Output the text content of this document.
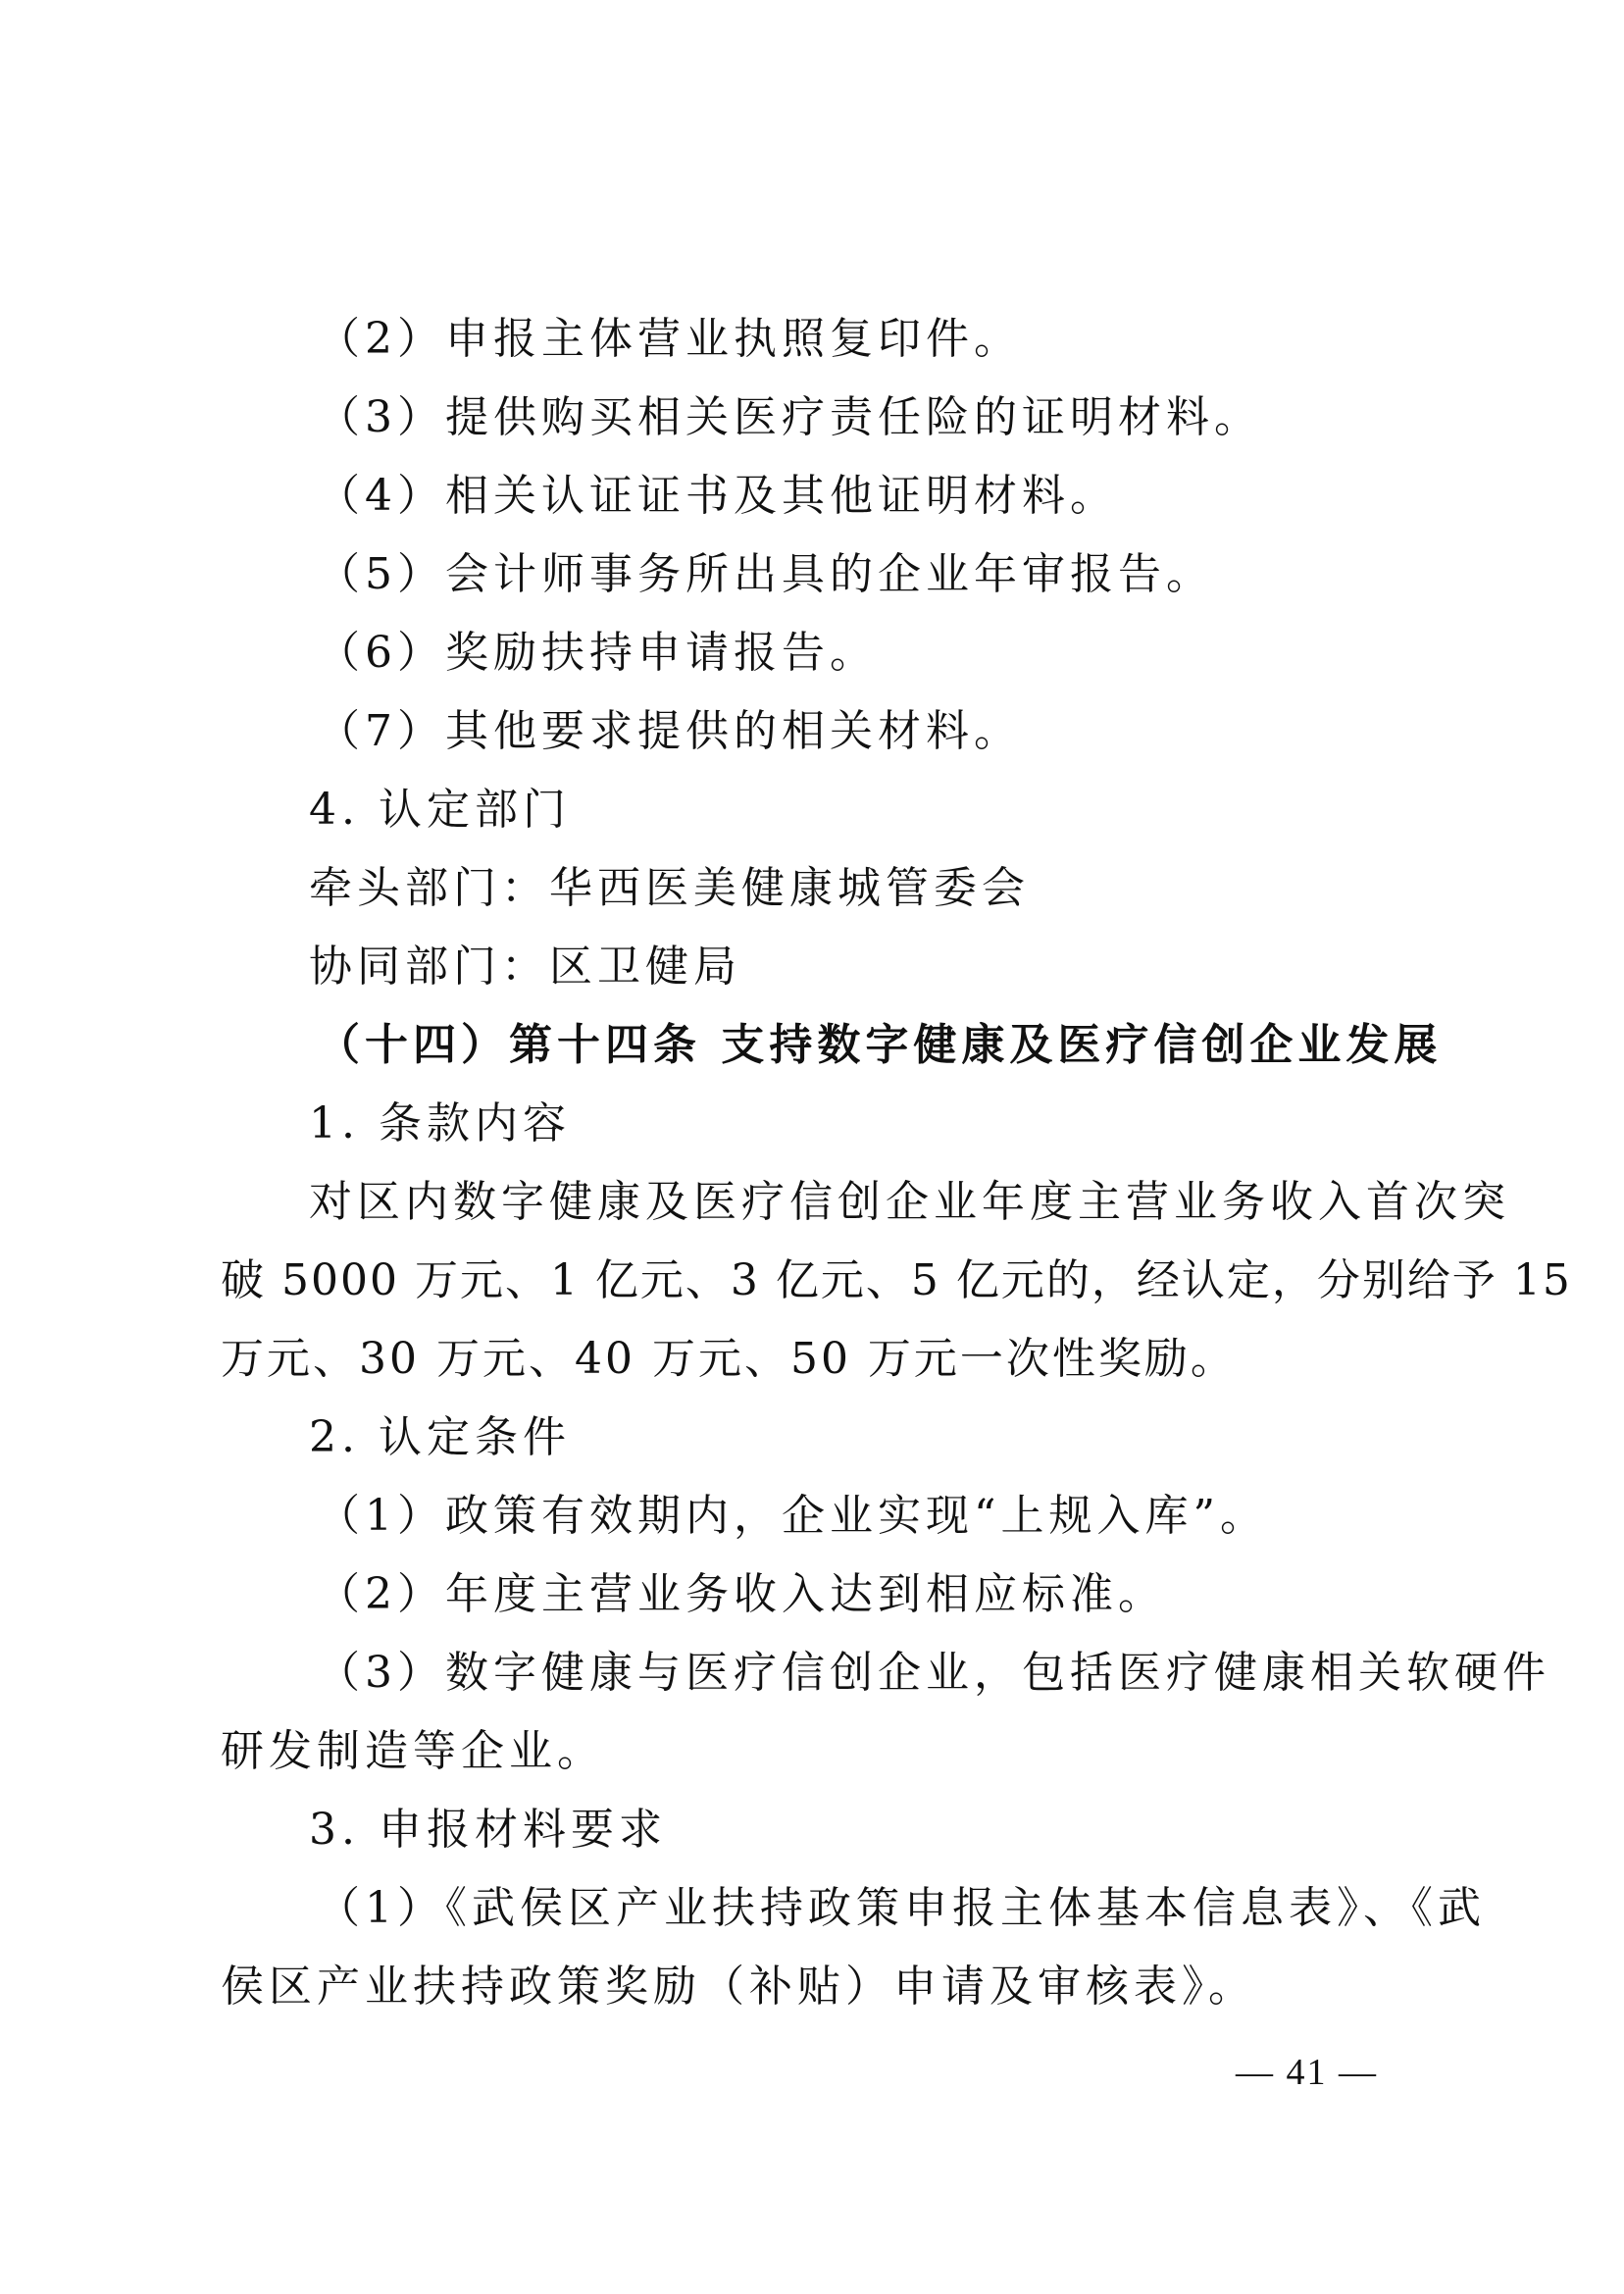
（2）申报主体营业执照复印件。
（3）提供购买相关医疗责任险的证明材料。
（4）相关认证证书及其他证明材料。
（5）会计师事务所出具的企业年审报告。
（6）奖励扶持申请报告。
（7）其他要求提供的相关材料。
4. 认定部门
牵头部门：华西医美健康城管委会
协同部门：区卫健局
（十四）第十四条 支持数字健康及医疗信创企业发展
1. 条款内容
对区内数字健康及医疗信创企业年度主营业务收入首次突
破 5000 万元、1 亿元、3 亿元、5 亿元的，经认定，分别给予 15
万元、30 万元、40 万元、50 万元一次性奖励。
2. 认定条件
（1）政策有效期内，企业实现“上规入库”。
（2）年度主营业务收入达到相应标准。
（3）数字健康与医疗信创企业，包括医疗健康相关软硬件
研发制造等企业。
3. 申报材料要求
（1）《武侯区产业扶持政策申报主体基本信息表》、《武
侯区产业扶持政策奖励（补贴）申请及审核表》。
— 41 —
